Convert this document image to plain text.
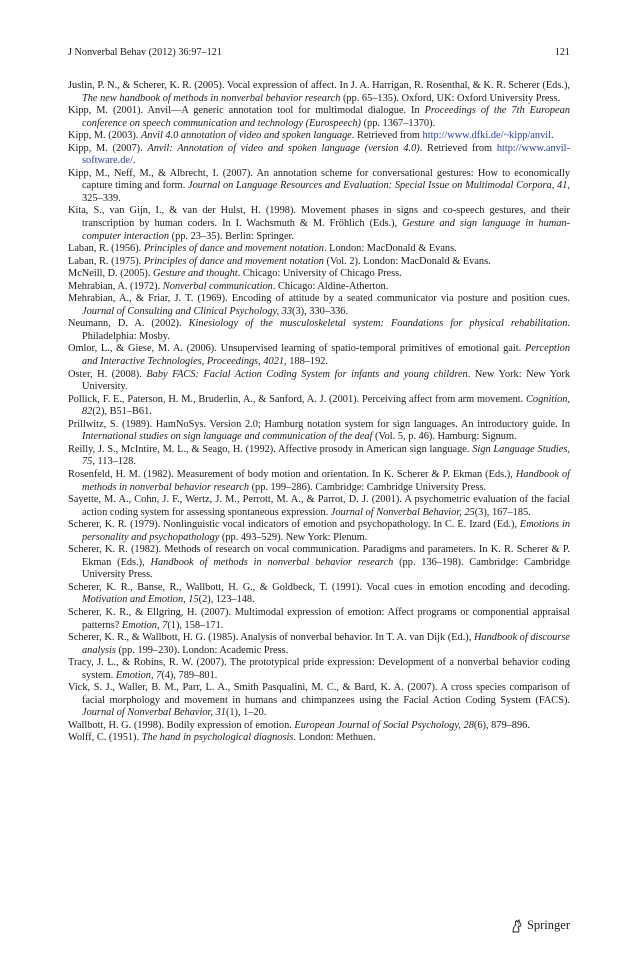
J Nonverbal Behav (2012) 36:97–121	121

Juslin, P. N., & Scherer, K. R. (2005). Vocal expression of affect. In J. A. Harrigan, R. Rosenthal, & K. R. Scherer (Eds.), The new handbook of methods in nonverbal behavior research (pp. 65–135). Oxford, UK: Oxford University Press.

Kipp, M. (2001). Anvil—A generic annotation tool for multimodal dialogue. In Proceedings of the 7th European conference on speech communication and technology (Eurospeech) (pp. 1367–1370).

Kipp, M. (2003). Anvil 4.0 annotation of video and spoken language. Retrieved from http://www.dfki.de/~kipp/anvil.

Kipp, M. (2007). Anvil: Annotation of video and spoken language (version 4.0). Retrieved from http://www.anvil-software.de/.

Kipp, M., Neff, M., & Albrecht, I. (2007). An annotation scheme for conversational gestures: How to economically capture timing and form. Journal on Language Resources and Evaluation: Special Issue on Multimodal Corpora, 41, 325–339.

Kita, S., van Gijn, I., & van der Hulst, H. (1998). Movement phases in signs and co-speech gestures, and their transcription by human coders. In I. Wachsmuth & M. Fröhlich (Eds.), Gesture and sign language in human-computer interaction (pp. 23–35). Berlin: Springer.

Laban, R. (1956). Principles of dance and movement notation. London: MacDonald & Evans.

Laban, R. (1975). Principles of dance and movement notation (Vol. 2). London: MacDonald & Evans.

McNeill, D. (2005). Gesture and thought. Chicago: University of Chicago Press.

Mehrabian, A. (1972). Nonverbal communication. Chicago: Aldine-Atherton.

Mehrabian, A., & Friar, J. T. (1969). Encoding of attitude by a seated communicator via posture and position cues. Journal of Consulting and Clinical Psychology, 33(3), 330–336.

Neumann, D. A. (2002). Kinesiology of the musculoskeletal system: Foundations for physical rehabilitation. Philadelphia: Mosby.

Omlor, L., & Giese, M. A. (2006). Unsupervised learning of spatio-temporal primitives of emotional gait. Perception and Interactive Technologies, Proceedings, 4021, 188–192.

Oster, H. (2008). Baby FACS: Facial Action Coding System for infants and young children. New York: New York University.

Pollick, F. E., Paterson, H. M., Bruderlin, A., & Sanford, A. J. (2001). Perceiving affect from arm movement. Cognition, 82(2), B51–B61.

Prillwitz, S. (1989). HamNoSys. Version 2.0; Hamburg notation system for sign languages. An introductory guide. In International studies on sign language and communication of the deaf (Vol. 5, p. 46). Hamburg: Signum.

Reilly, J. S., McIntire, M. L., & Seago, H. (1992). Affective prosody in American sign language. Sign Language Studies, 75, 113–128.

Rosenfeld, H. M. (1982). Measurement of body motion and orientation. In K. Scherer & P. Ekman (Eds.), Handbook of methods in nonverbal behavior research (pp. 199–286). Cambridge: Cambridge University Press.

Sayette, M. A., Cohn, J. F., Wertz, J. M., Perrott, M. A., & Parrot, D. J. (2001). A psychometric evaluation of the facial action coding system for assessing spontaneous expression. Journal of Nonverbal Behavior, 25(3), 167–185.

Scherer, K. R. (1979). Nonlinguistic vocal indicators of emotion and psychopathology. In C. E. Izard (Ed.), Emotions in personality and psychopathology (pp. 493–529). New York: Plenum.

Scherer, K. R. (1982). Methods of research on vocal communication. Paradigms and parameters. In K. R. Scherer & P. Ekman (Eds.), Handbook of methods in nonverbal behavior research (pp. 136–198). Cambridge: Cambridge University Press.

Scherer, K. R., Banse, R., Wallbott, H. G., & Goldbeck, T. (1991). Vocal cues in emotion encoding and decoding. Motivation and Emotion, 15(2), 123–148.

Scherer, K. R., & Ellgring, H. (2007). Multimodal expression of emotion: Affect programs or componential appraisal patterns? Emotion, 7(1), 158–171.

Scherer, K. R., & Wallbott, H. G. (1985). Analysis of nonverbal behavior. In T. A. van Dijk (Ed.), Handbook of discourse analysis (pp. 199–230). London: Academic Press.

Tracy, J. L., & Robins, R. W. (2007). The prototypical pride expression: Development of a nonverbal behavior coding system. Emotion, 7(4), 789–801.

Vick, S. J., Waller, B. M., Parr, L. A., Smith Pasqualini, M. C., & Bard, K. A. (2007). A cross species comparison of facial morphology and movement in humans and chimpanzees using the Facial Action Coding System (FACS). Journal of Nonverbal Behavior, 31(1), 1–20.

Wallbott, H. G. (1998). Bodily expression of emotion. European Journal of Social Psychology, 28(6), 879–896.

Wolff, C. (1951). The hand in psychological diagnosis. London: Methuen.

Springer
